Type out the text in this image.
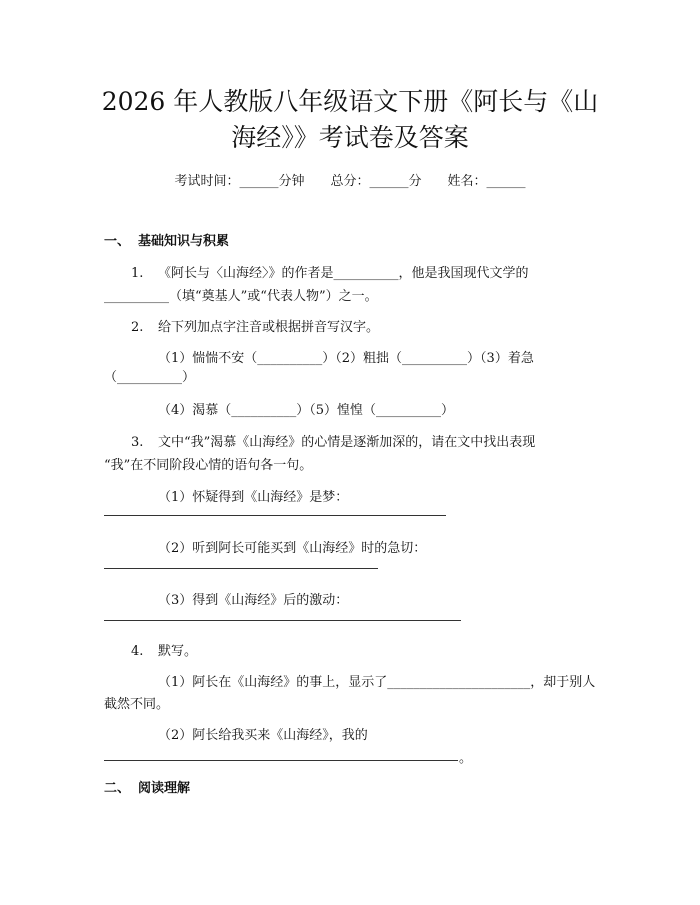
2026 年人教版八年级语文下册《阿长与《山
海经》》考试卷及答案
考试时间：______分钟 总分：______分 姓名：______
一、 基础知识与积累
1. 《阿长与〈山海经〉》的作者是__________，他是我国现代文学的
__________（填“奠基人”或“代表人物”）之一。
2. 给下列加点字注音或根据拼音写汉字。
（1）惴惴不安（__________）（2）粗拙（__________）（3）着急
（__________）
（4）渴慕（__________）（5）惶惶（__________）
3. 文中“我”渴慕《山海经》的心情是逐渐加深的，请在文中找出表现
“我”在不同阶段心情的语句各一句。
（1）怀疑得到《山海经》是梦：
（2）听到阿长可能买到《山海经》时的急切：
（3）得到《山海经》后的激动：
4. 默写。
（1）阿长在《山海经》的事上，显示了______________________，却于别人
截然不同。
（2）阿长给我买来《山海经》，我的
。
二、 阅读理解
